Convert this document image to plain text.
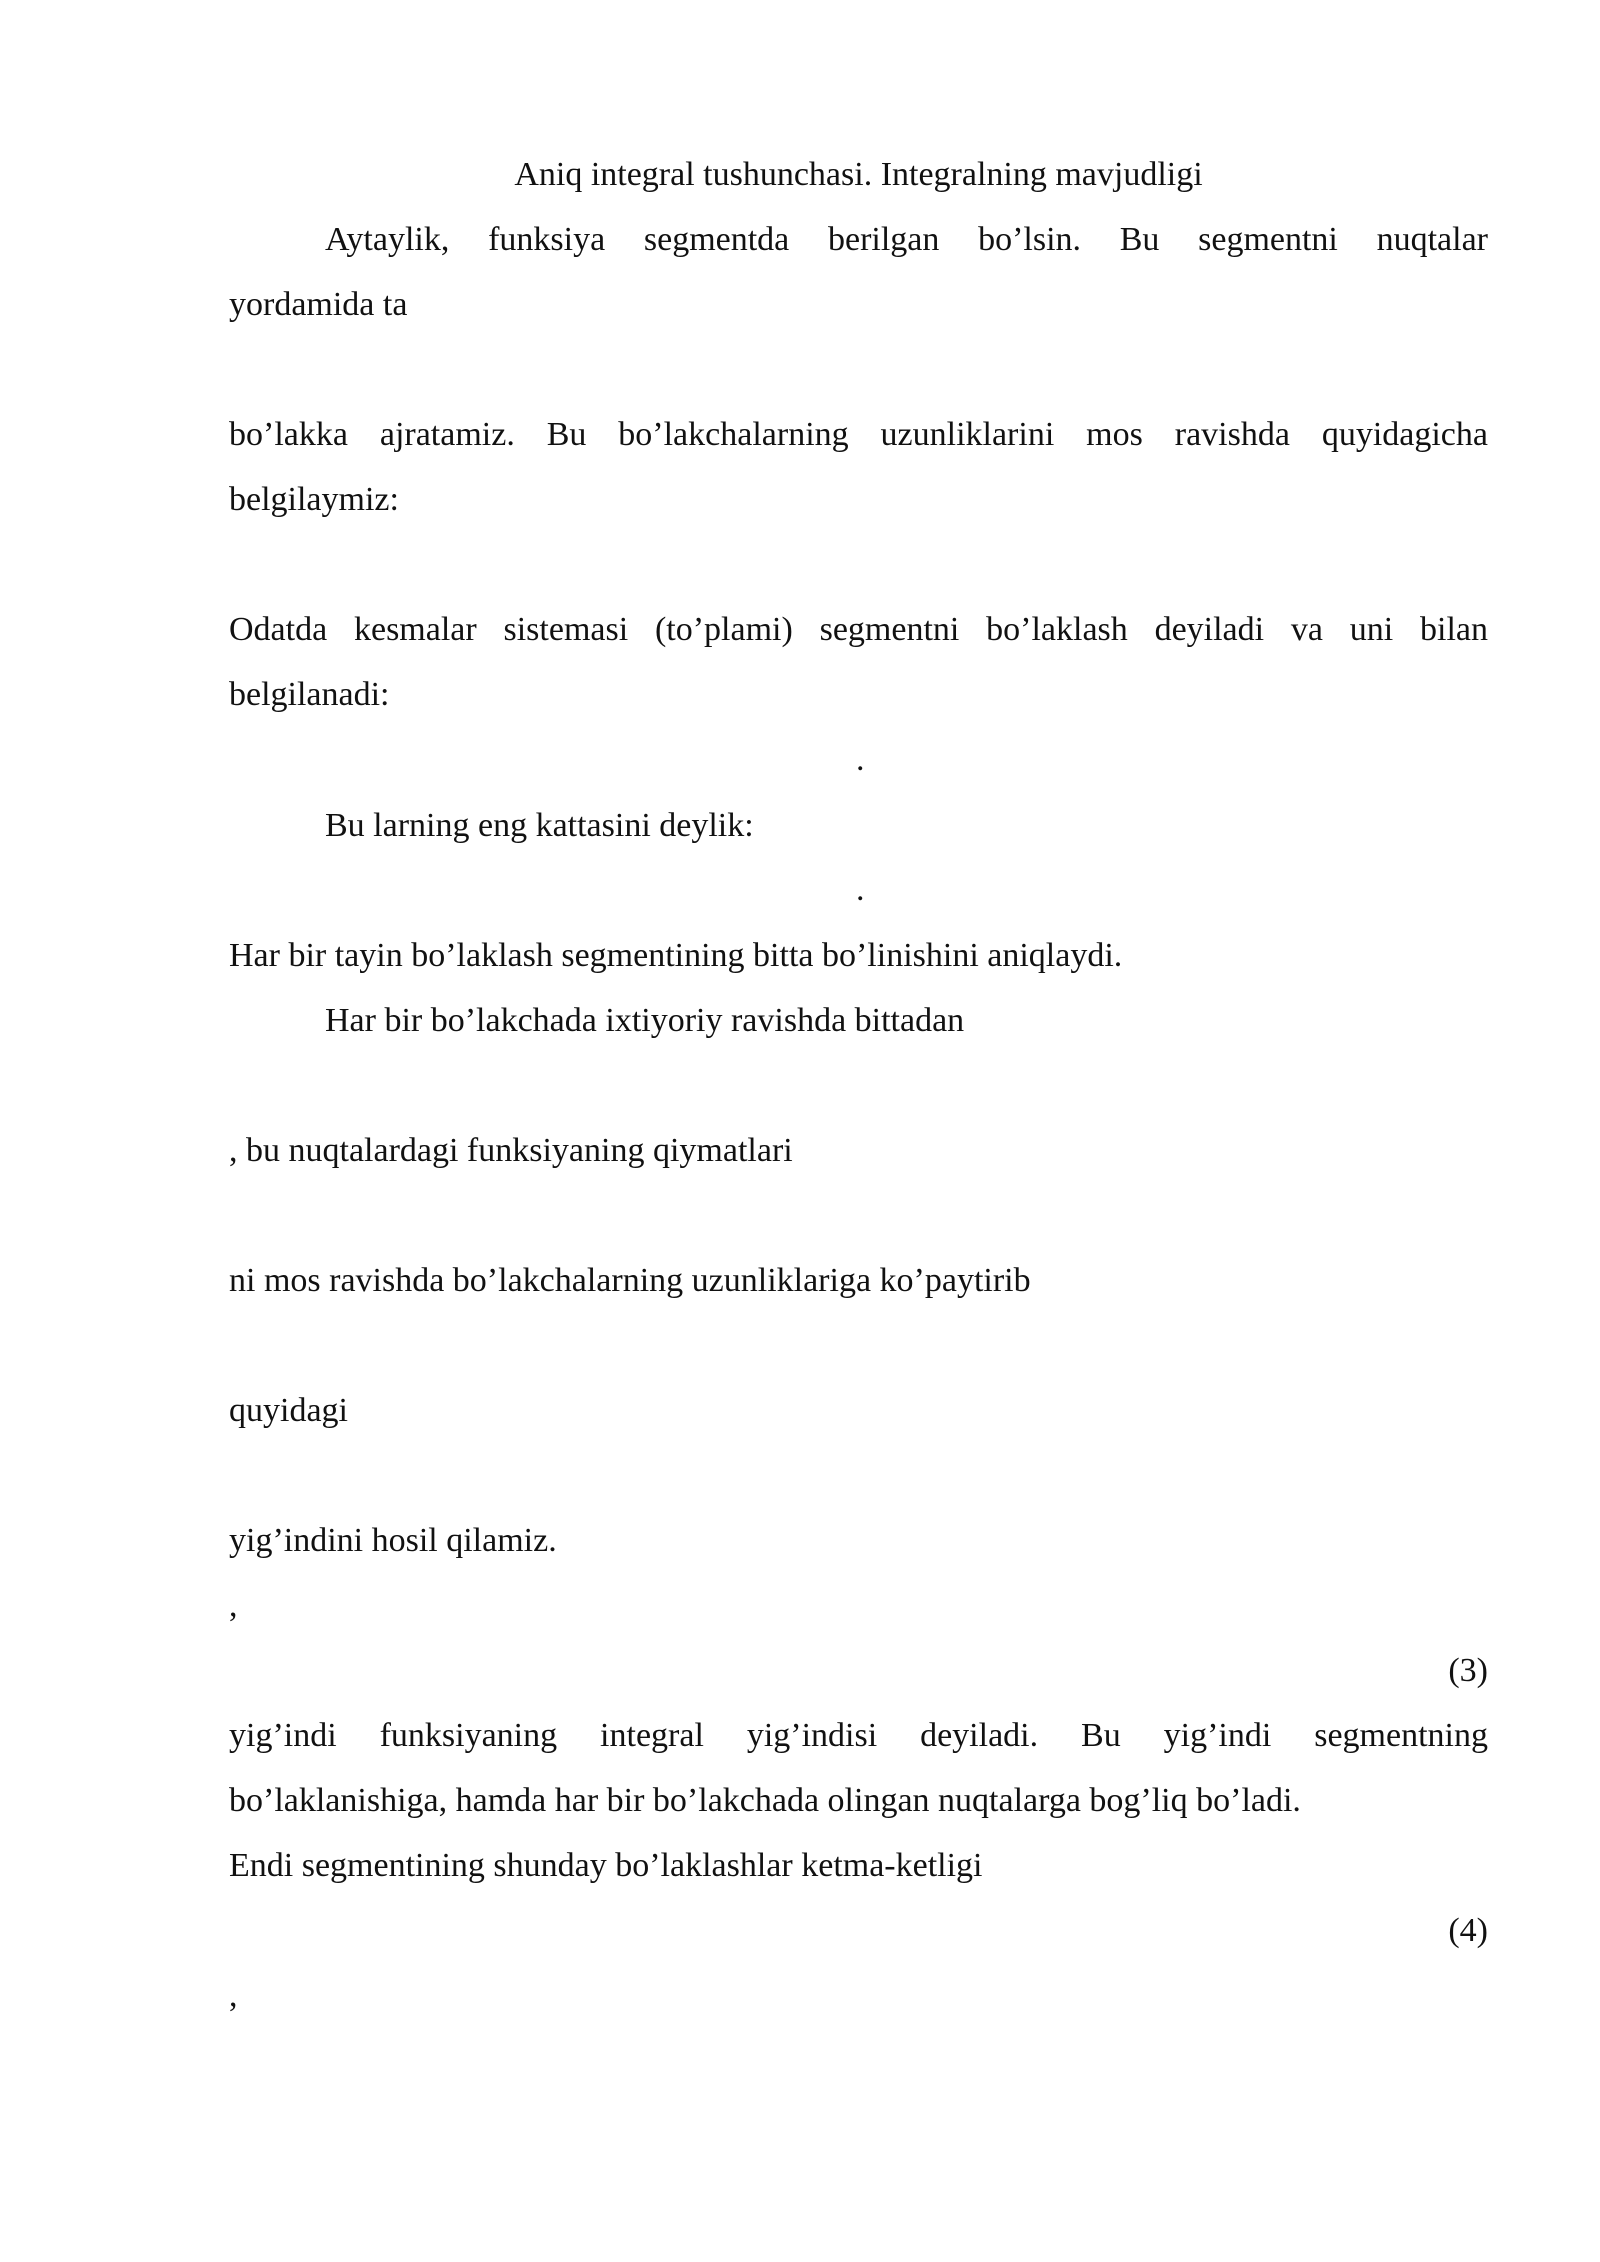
Aniq integral tushunchasi. Integralning mavjudligi

Aytaylik, funksiya segmentda berilgan bo’lsin. Bu segmentni nuqtalar

yordamida ta

bo’lakka ajratamiz. Bu bo’lakchalarning uzunliklarini mos ravishda quyidagicha

belgilaymiz:

Odatda kesmalar sistemasi (to’plami) segmentni bo’laklash deyiladi va uni bilan

belgilanadi:

.

Bu larning eng kattasini deylik:

.

Har bir tayin bo’laklash segmentining bitta bo’linishini aniqlaydi.

Har bir bo’lakchada ixtiyoriy ravishda bittadan

, bu nuqtalardagi funksiyaning qiymatlari

ni mos ravishda bo’lakchalarning uzunliklariga ko’paytirib

quyidagi

yig’indini hosil qilamiz.

,

(3)

yig’indi funksiyaning integral yig’indisi deyiladi. Bu yig’indi segmentning

bo’laklanishiga, hamda har bir bo’lakchada olingan nuqtalarga bog’liq bo’ladi.

Endi segmentining shunday bo’laklashlar ketma-ketligi

(4)

,
